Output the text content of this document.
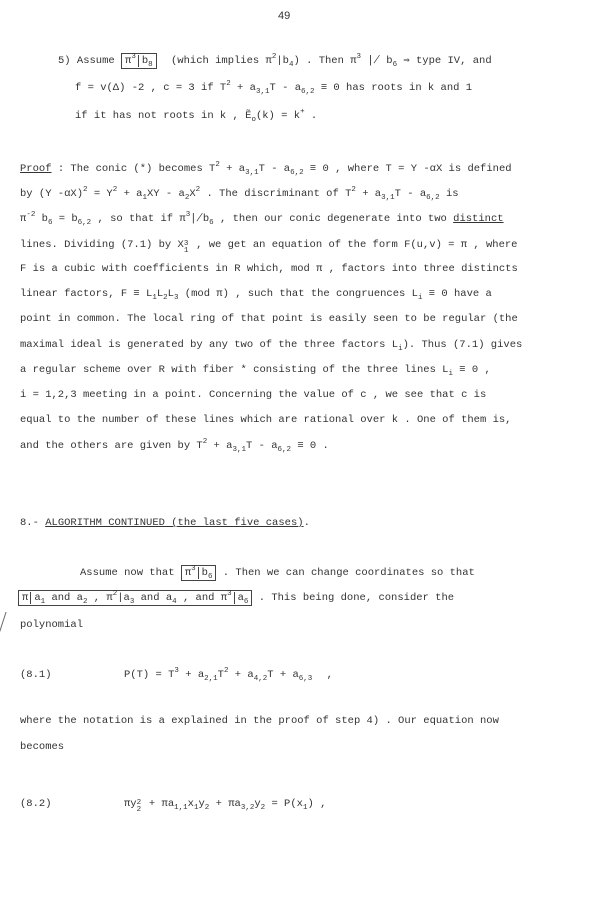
49
5) Assume $\pi^3$ $b_8$ (which implies $\pi^2|b_4$) . Then $\pi^3$ ∤ $b_6$ ⇒ type IV, and
f = v(Δ) -2 , c = 3 if $T^2 + a_{3,1}T - a_{6,2} \equiv 0$ has roots in k and 1
if it has not roots in k , Ẽ$_o$(k) = k+ .
Proof : The conic (*) becomes $T^2 + a_{3,1}T - a_{6,2} \equiv 0$ , where T = Y -αX is defined
by (Y $-\alpha X)^2 = Y^2 + a_1XY - a_2X^2$ . The discriminant of $T^2 + a_{3,1}T - a_{6,2}$ is
$\pi^{-2}$ $b_6 = b_{6,2}$ , so that if $\pi^3∤b_6$ , then our conic degenerate into two distinct
lines. Dividing (7.1) by X 3
1 , we get an equation of the form F(u,v) = π , where
F is a cubic with coefficients in R which, mod π , factors into three distincts
linear factors, $F \equiv L_1L_2L_3$ (mod π) , such that the congruences $L_i \equiv 0$ have a
point in common. The local ring of that point is easily seen to be regular (the
maximal ideal is generated by any two of the three factors $L_i$). Thus (7.1) gives
a regular scheme over R with fiber * consisting of the three lines $L_i \equiv 0$ ,
i = 1,2,3 meeting in a point. Concerning the value of c , we see that c is
equal to the number of these lines which are rational over k . One of them is,
and the others are given by $T^2 + a_{3,1}T - a_{6,2} \equiv 0$ .
8.- ALGORITHM CONTINUED (the last five cases).
Assume now that $\pi^3$ $b_6$ . Then we can change coordinates so that
π $a_1$ and $a_2$ , $\pi^2|a_3$ and $a_4$ , and $\pi^3$ $a_6$ . This being done, consider the
polynomial
(8.1)	$P(T) = T^3 + a_{2,1}T^2 + a_{4,2}T + a_{6,3}$ ,
where the notation is a explained in the proof of step 4) . Our equation now
becomes
(8.2)	πy 2
$2 + \pi a_{1,1}x_1y_2 + \pi a_{3,2}y_2 = P(x_1)$ ,
